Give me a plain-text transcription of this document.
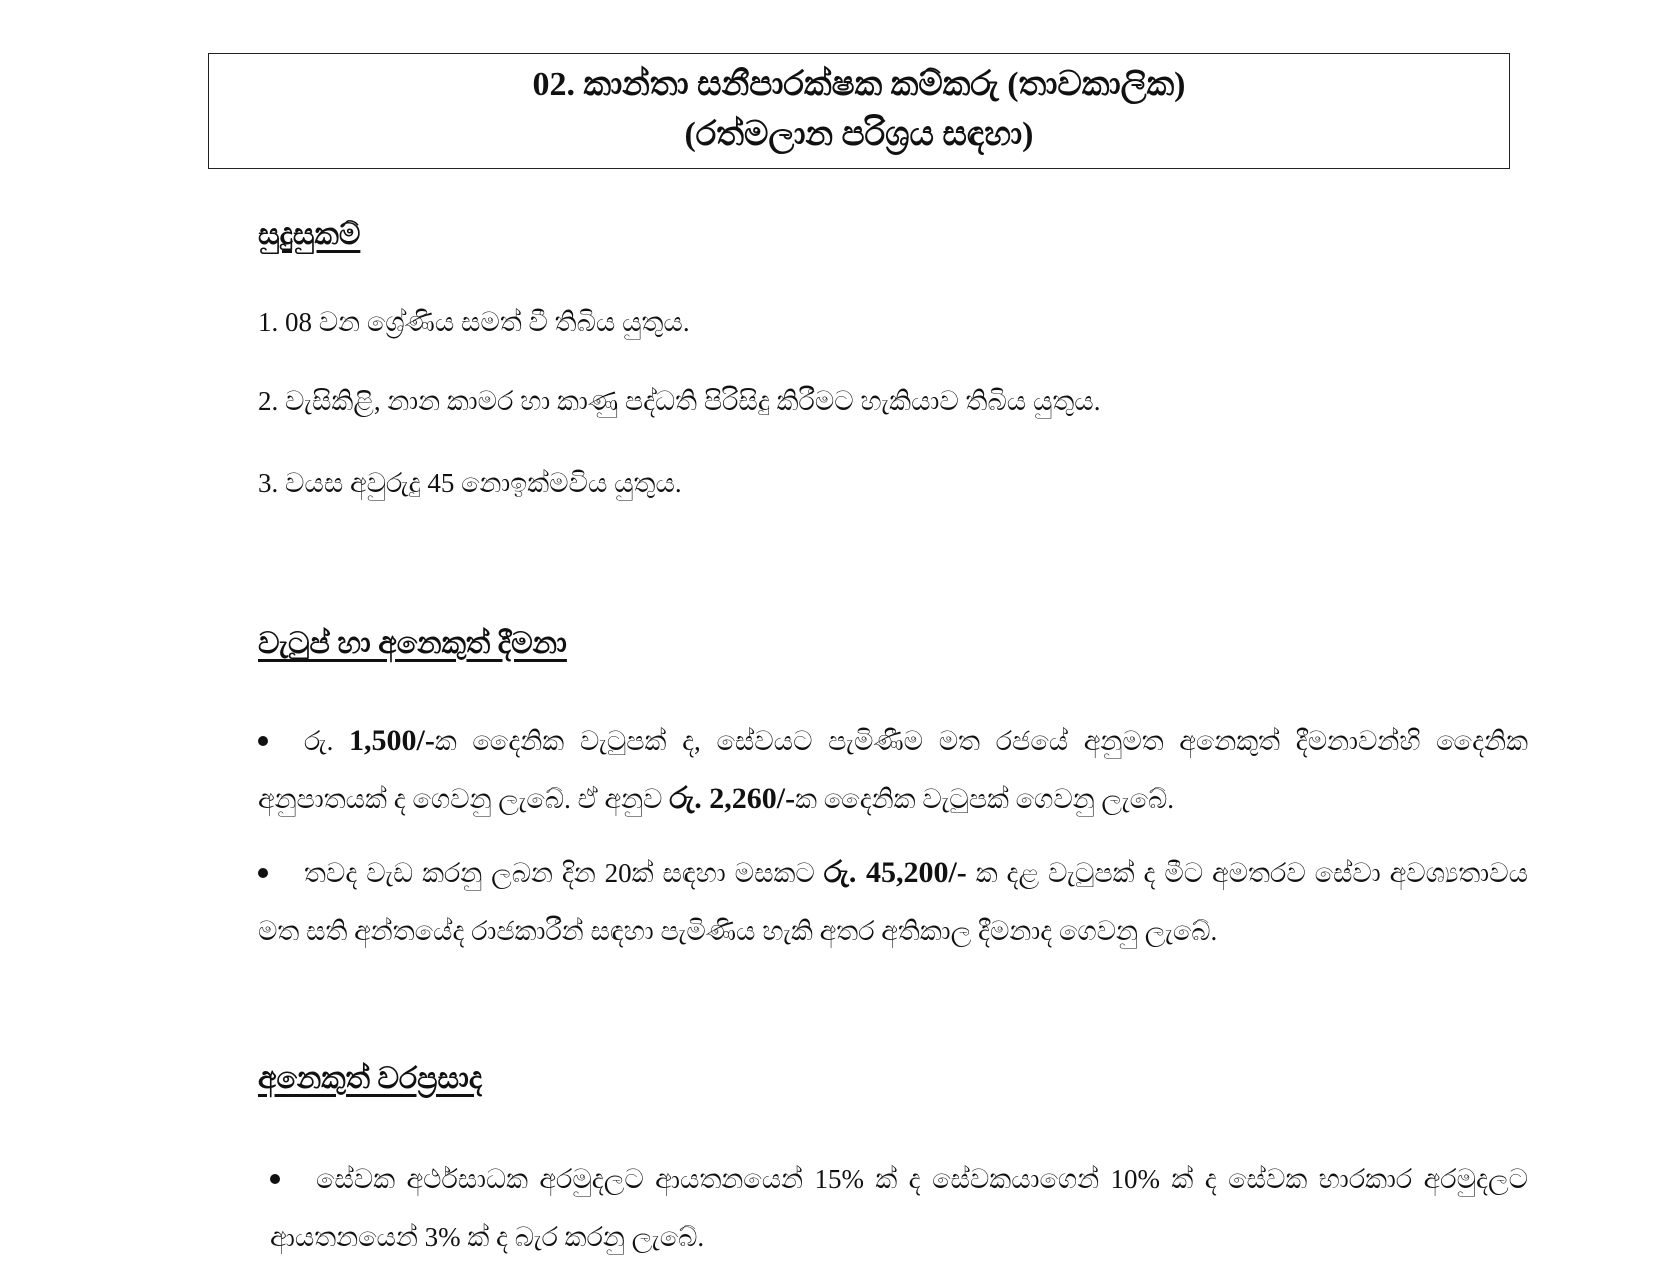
02. කාන්තා සනීපාරක්ෂක කම්කරු (තාවකාලික)
(රත්මලාන පරිශ්‍රය සඳහා)
සුදුසුකම්
1. 08 වන ශ්‍රේණිය සමත් වී තිබිය යුතුය.
2. වැසිකිළි, නාන කාමර හා කාණු පද්ධති පිරිසිදු කිරීමට හැකියාව තිබිය යුතුය.
3. වයස අවුරුදු 45 නොඉක්මවිය යුතුය.
වැටුප් හා අනෙකුත් දීමනා
රු. 1,500/-ක දෛනික වැටුපක් ද, සේවයට පැමිණීම මත රජයේ අනුමත අනෙකුත් දීමනාවන්හි දෛනික අනුපාතයක් ද ගෙවනු ලැබේ. ඒ අනුව රු. 2,260/-ක දෛනික වැටුපක් ගෙවනු ලැබේ.
තවද වැඩ කරනු ලබන දින 20ක් සඳහා මසකට රු. 45,200/- ක දළ වැටුපක් ද මීට අමතරව සේවා අවශ්‍යතාවය මත සති අන්තයේද රාජකාරීන් සඳහා පැමිණිය හැකි අතර අතිකාල දීමනාද ගෙවනු ලැබේ.
අනෙකුත් වරප්‍රසාද
සේවක අර්ථසාධක අරමුදලට ආයතනයෙන් 15% ක් ද සේවකයාගෙන් 10% ක් ද සේවක භාරකාර අරමුදලට ආයතනයෙන් 3% ක් ද බැර කරනු ලැබේ.
